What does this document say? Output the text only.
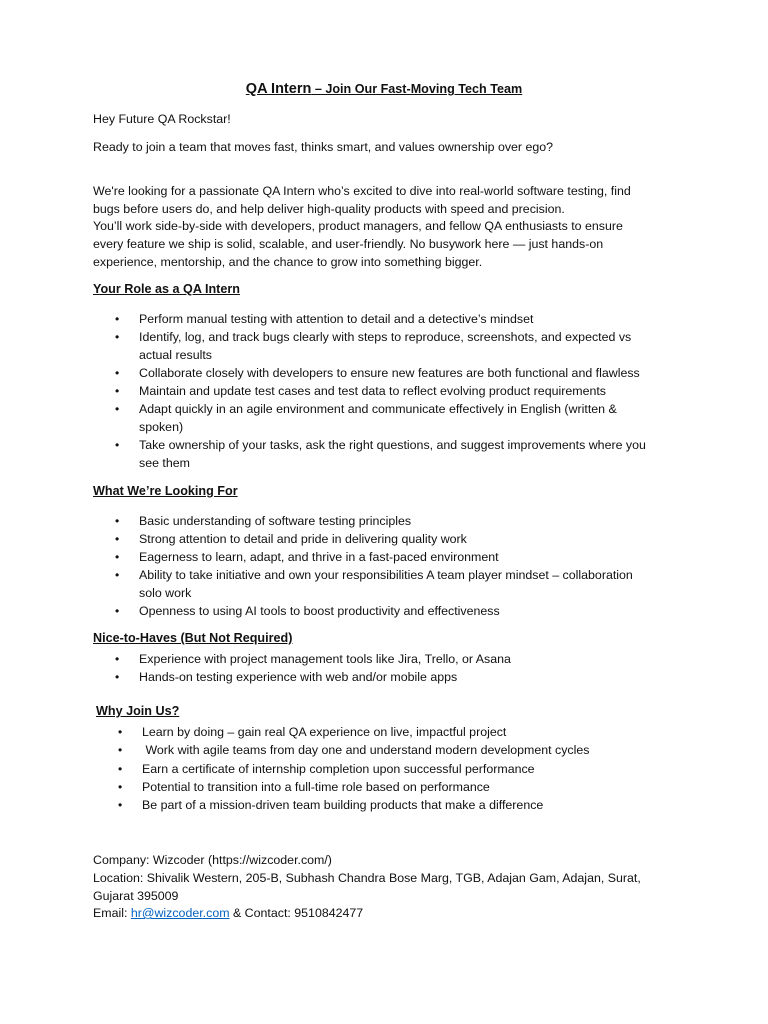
QA Intern – Join Our Fast-Moving Tech Team
Hey Future QA Rockstar!
Ready to join a team that moves fast, thinks smart, and values ownership over ego?
We're looking for a passionate QA Intern who’s excited to dive into real-world software testing, find
bugs before users do, and help deliver high-quality products with speed and precision.
You’ll work side-by-side with developers, product managers, and fellow QA enthusiasts to ensure
every feature we ship is solid, scalable, and user-friendly. No busywork here — just hands-on
experience, mentorship, and the chance to grow into something bigger.
Your Role as a QA Intern
• Perform manual testing with attention to detail and a detective’s mindset
• Identify, log, and track bugs clearly with steps to reproduce, screenshots, and expected vs
actual results
• Collaborate closely with developers to ensure new features are both functional and flawless
• Maintain and update test cases and test data to reflect evolving product requirements
• Adapt quickly in an agile environment and communicate effectively in English (written &
spoken)
• Take ownership of your tasks, ask the right questions, and suggest improvements where you
see them
What We’re Looking For
• Basic understanding of software testing principles
• Strong attention to detail and pride in delivering quality work
• Eagerness to learn, adapt, and thrive in a fast-paced environment
• Ability to take initiative and own your responsibilities A team player mindset – collaboration
solo work
• Openness to using AI tools to boost productivity and effectiveness
Nice-to-Haves (But Not Required)
• Experience with project management tools like Jira, Trello, or Asana
• Hands-on testing experience with web and/or mobile apps
Why Join Us?
• Learn by doing – gain real QA experience on live, impactful project
• Work with agile teams from day one and understand modern development cycles
• Earn a certificate of internship completion upon successful performance
• Potential to transition into a full-time role based on performance
• Be part of a mission-driven team building products that make a difference
Company: Wizcoder (https://wizcoder.com/)
Location: Shivalik Western, 205-B, Subhash Chandra Bose Marg, TGB, Adajan Gam, Adajan, Surat,
Gujarat 395009
Email: hr@wizcoder.com & Contact: 9510842477
